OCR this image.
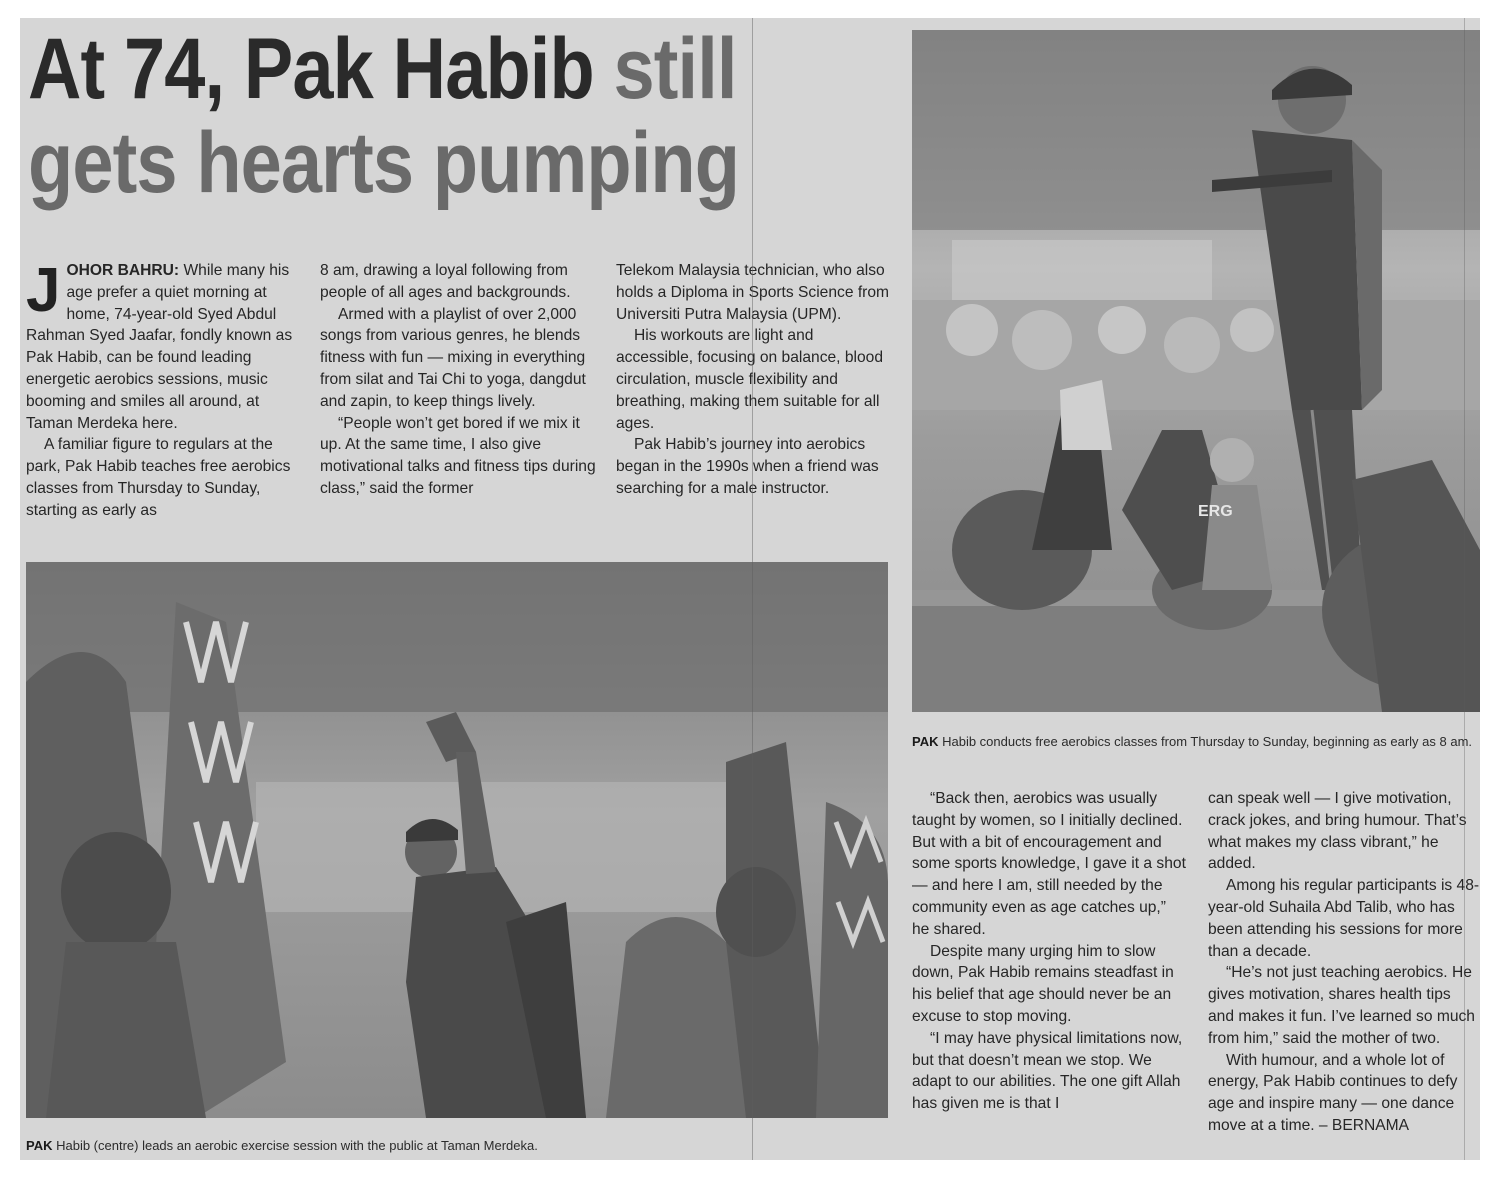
At 74, Pak Habib still
gets hearts pumping

JOHOR BAHRU: While many his age prefer a quiet morning at home, 74-year-old Syed Abdul Rahman Syed Jaafar, fondly known as Pak Habib, can be found leading energetic aerobics sessions, music booming and smiles all around, at Taman Merdeka here.

A familiar figure to regulars at the park, Pak Habib teaches free aerobics classes from Thursday to Sunday, starting as early as

8 am, drawing a loyal following from people of all ages and backgrounds.

Armed with a playlist of over 2,000 songs from various genres, he blends fitness with fun — mixing in everything from silat and Tai Chi to yoga, dangdut and zapin, to keep things lively.

“People won’t get bored if we mix it up. At the same time, I also give motivational talks and fitness tips during class,” said the former

Telekom Malaysia technician, who also holds a Diploma in Sports Science from Universiti Putra Malaysia (UPM).

His workouts are light and accessible, focusing on balance, blood circulation, muscle flexibility and breathing, making them suitable for all ages.

Pak Habib’s journey into aerobics began in the 1990s when a friend was searching for a male instructor.

ERG
PAK Habib conducts free aerobics classes from Thursday to Sunday, beginning as early as 8 am.
PAK Habib (centre) leads an aerobic exercise session with the public at Taman Merdeka.

“Back then, aerobics was usually taught by women, so I initially declined. But with a bit of encouragement and some sports knowledge, I gave it a shot — and here I am, still needed by the community even as age catches up,” he shared.

Despite many urging him to slow down, Pak Habib remains steadfast in his belief that age should never be an excuse to stop moving.

“I may have physical limitations now, but that doesn’t mean we stop. We adapt to our abilities. The one gift Allah has given me is that I

can speak well — I give motivation, crack jokes, and bring humour. That’s what makes my class vibrant,” he added.

Among his regular participants is 48-year-old Suhaila Abd Talib, who has been attending his sessions for more than a decade.

“He’s not just teaching aerobics. He gives motivation, shares health tips and makes it fun. I’ve learned so much from him,” said the mother of two.

With humour, and a whole lot of energy, Pak Habib continues to defy age and inspire many — one dance move at a time. – BERNAMA
